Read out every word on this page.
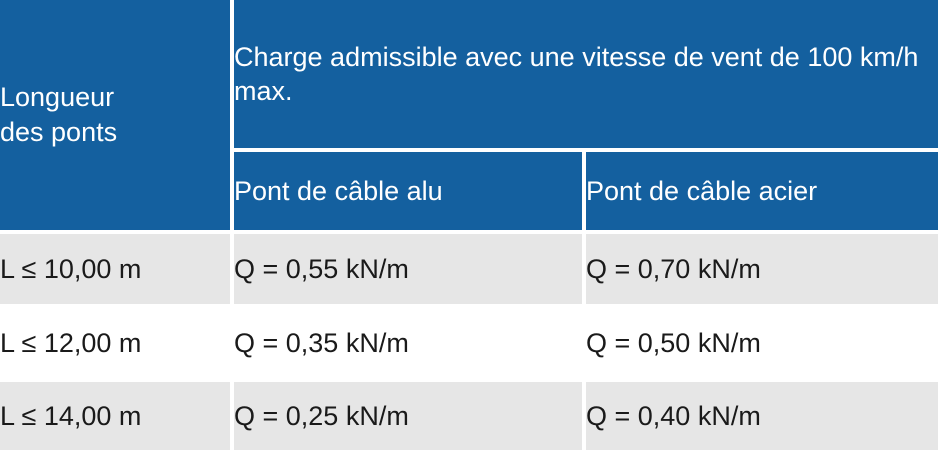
Longueur
des ponts	Charge admissible avec une vitesse de vent de 100 km/h max.	
	Pont de câble alu	Pont de câble acier
L ≤ 10,00 m	Q = 0,55 kN/m	Q = 0,70 kN/m
L ≤ 12,00 m	Q = 0,35 kN/m	Q = 0,50 kN/m
L ≤ 14,00 m	Q = 0,25 kN/m	Q = 0,40 kN/m
